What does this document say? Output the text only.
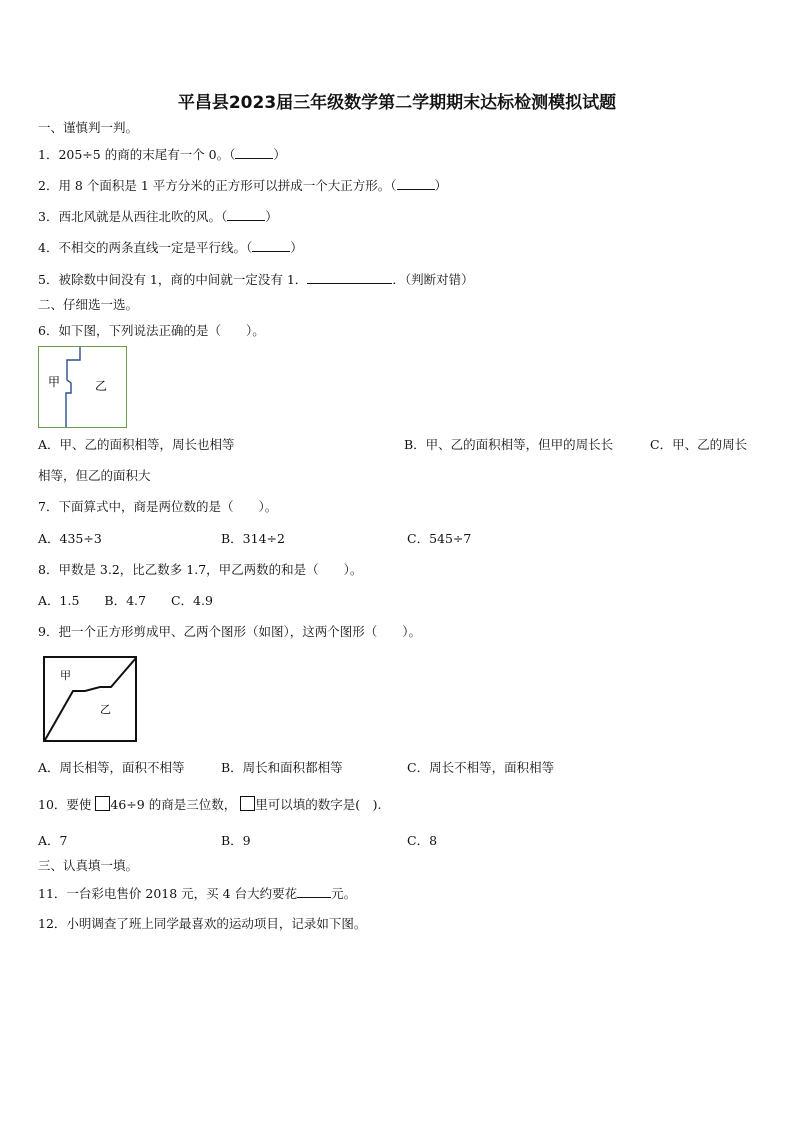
平昌县2023届三年级数学第二学期期末达标检测模拟试题
一、谨慎判一判。
1．205÷5 的商的末尾有一个 0。（	）
2．用 8 个面积是 1 平方分米的正方形可以拼成一个大正方形。（	）
3．西北风就是从西往北吹的风。（	）
4．不相交的两条直线一定是平行线。（	）
5．被除数中间没有 1，商的中间就一定没有 1．	．（判断对错）
二、仔细选一选。
6．如下图，下列说法正确的是（　　）。
甲	乙
A．甲、乙的面积相等，周长也相等	B．甲、乙的面积相等，但甲的周长长	C．甲、乙的周长
相等，但乙的面积大
7．下面算式中，商是两位数的是（　　）。
A．435÷3	B．314÷2	C．545÷7
8．甲数是 3.2，比乙数多 1.7，甲乙两数的和是（　　）。
A．1.5　　B．4.7　　C．4.9
9．把一个正方形剪成甲、乙两个图形（如图），这两个图形（　　）。
甲
乙
A．周长相等，面积不相等	B．周长和面积都相等	C．周长不相等，面积相等
10．要使 46÷9 的商是三位数， 里可以填的数字是(　).
A．7	B．9	C．8
三、认真填一填。
11．一台彩电售价 2018 元，买 4 台大约要花	元。
12．小明调查了班上同学最喜欢的运动项目，记录如下图。
